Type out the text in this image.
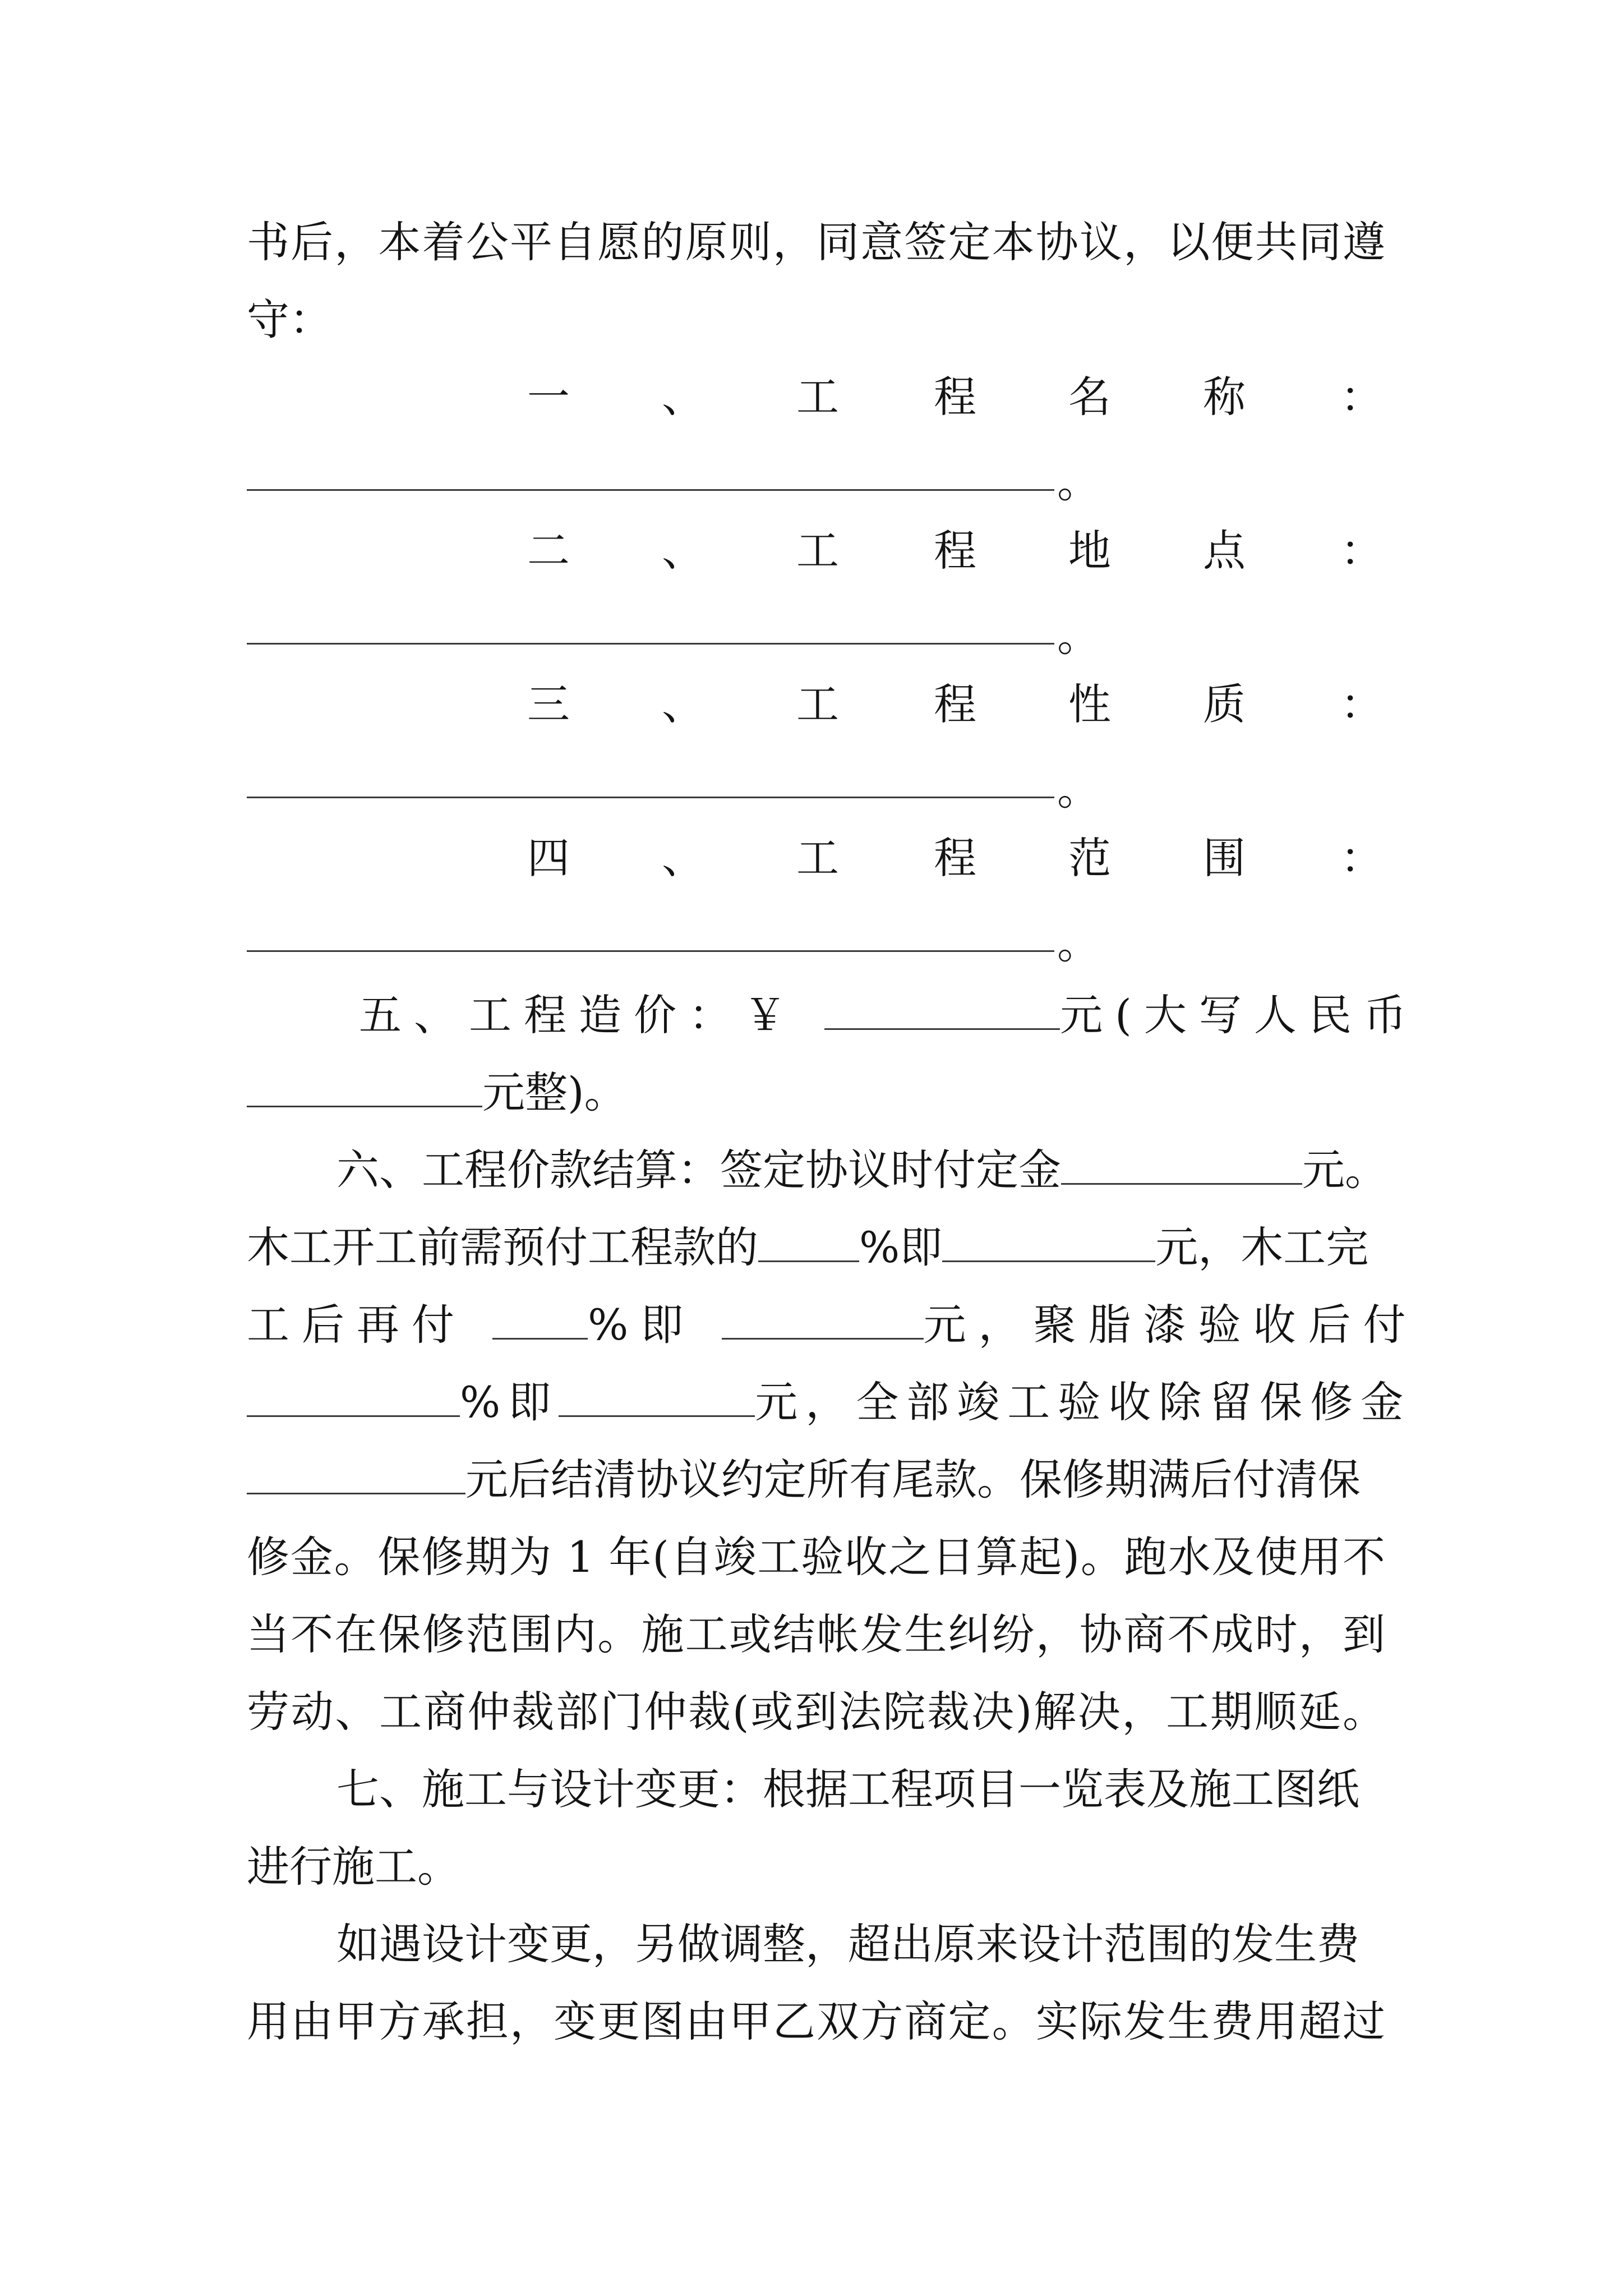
书后，本着公平自愿的原则，同意签定本协议，以便共同遵
守：
一 、 工 程 名 称 ：
。
二 、 工 程 地 点 ：
。
三 、 工 程 性 质 ：
。
四 、 工 程 范 围 ：
。
五、工程造价：￥	元(大写人民币
元整)。
六、工程价款结算：签定协议时付定金	元。
木工开工前需预付工程款的 %即	元，木工完
工后再付	%即	元，聚脂漆验收后付
%即	元，全部竣工验收除留保修金
元后结清协议约定所有尾款。保修期满后付清保
修金。保修期为 1 年(自竣工验收之日算起)。跑水及使用不
当不在保修范围内。施工或结帐发生纠纷，协商不成时，到
劳动、工商仲裁部门仲裁(或到法院裁决)解决，工期顺延。
七、施工与设计变更：根据工程项目一览表及施工图纸
进行施工。
如遇设计变更，另做调整，超出原来设计范围的发生费
用由甲方承担，变更图由甲乙双方商定。实际发生费用超过
